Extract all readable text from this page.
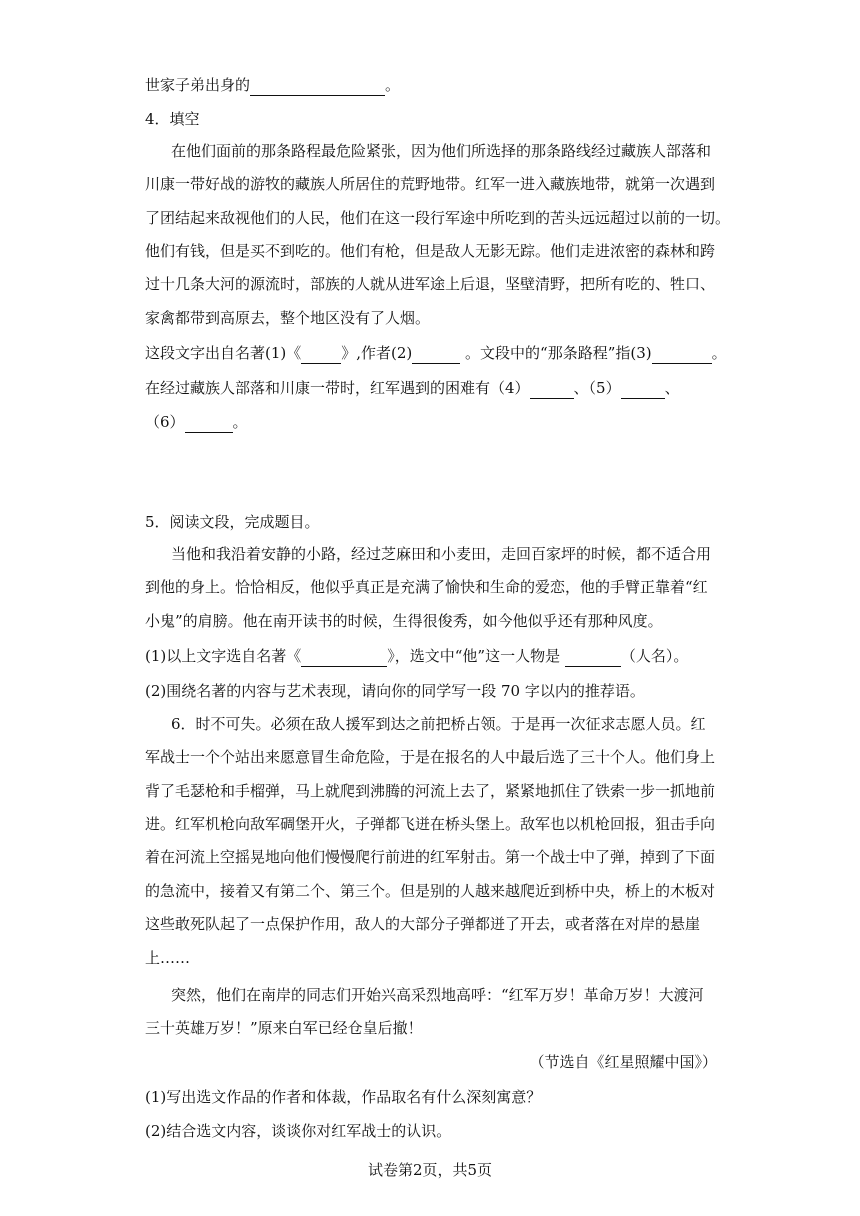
世家子弟出身的	。
4．填空
在他们面前的那条路程最危险紧张，因为他们所选择的那条路线经过藏族人部落和
川康一带好战的游牧的藏族人所居住的荒野地带。红军一进入藏族地带，就第一次遇到
了团结起来敌视他们的人民，他们在这一段行军途中所吃到的苦头远远超过以前的一切。
他们有钱，但是买不到吃的。他们有枪，但是敌人无影无踪。他们走进浓密的森林和跨
过十几条大河的源流时，部族的人就从进军途上后退，坚壁清野，把所有吃的、牲口、
家禽都带到高原去，整个地区没有了人烟。
这段文字出自名著(1)《	》,作者(2)	。文段中的“那条路程”指(3)	。
在经过藏族人部落和川康一带时，红军遇到的困难有（4）	、（5）	、
（6）	。
5．阅读文段，完成题目。
当他和我沿着安静的小路，经过芝麻田和小麦田，走回百家坪的时候，都不适合用
到他的身上。恰恰相反，他似乎真正是充满了愉快和生命的爱恋，他的手臂正靠着“红
小鬼”的肩膀。他在南开读书的时候，生得很俊秀，如今他似乎还有那种风度。
(1)以上文字选自名著《	》，选文中“他”这一人物是	（人名）。
(2)围绕名著的内容与艺术表现，请向你的同学写一段 70 字以内的推荐语。
6．时不可失。必须在敌人援军到达之前把桥占领。于是再一次征求志愿人员。红
军战士一个个站出来愿意冒生命危险，于是在报名的人中最后选了三十个人。他们身上
背了毛瑟枪和手榴弹，马上就爬到沸腾的河流上去了，紧紧地抓住了铁索一步一抓地前
进。红军机枪向敌军碉堡开火，子弹都飞迸在桥头堡上。敌军也以机枪回报，狙击手向
着在河流上空摇晃地向他们慢慢爬行前进的红军射击。第一个战士中了弹，掉到了下面
的急流中，接着又有第二个、第三个。但是别的人越来越爬近到桥中央，桥上的木板对
这些敢死队起了一点保护作用，敌人的大部分子弹都迸了开去，或者落在对岸的悬崖
上……
突然，他们在南岸的同志们开始兴高采烈地高呼：“红军万岁！革命万岁！大渡河
三十英雄万岁！”原来白军已经仓皇后撤！
（节选自《红星照耀中国》）
(1)写出选文作品的作者和体裁，作品取名有什么深刻寓意？
(2)结合选文内容，谈谈你对红军战士的认识。
试卷第2页，共5页
